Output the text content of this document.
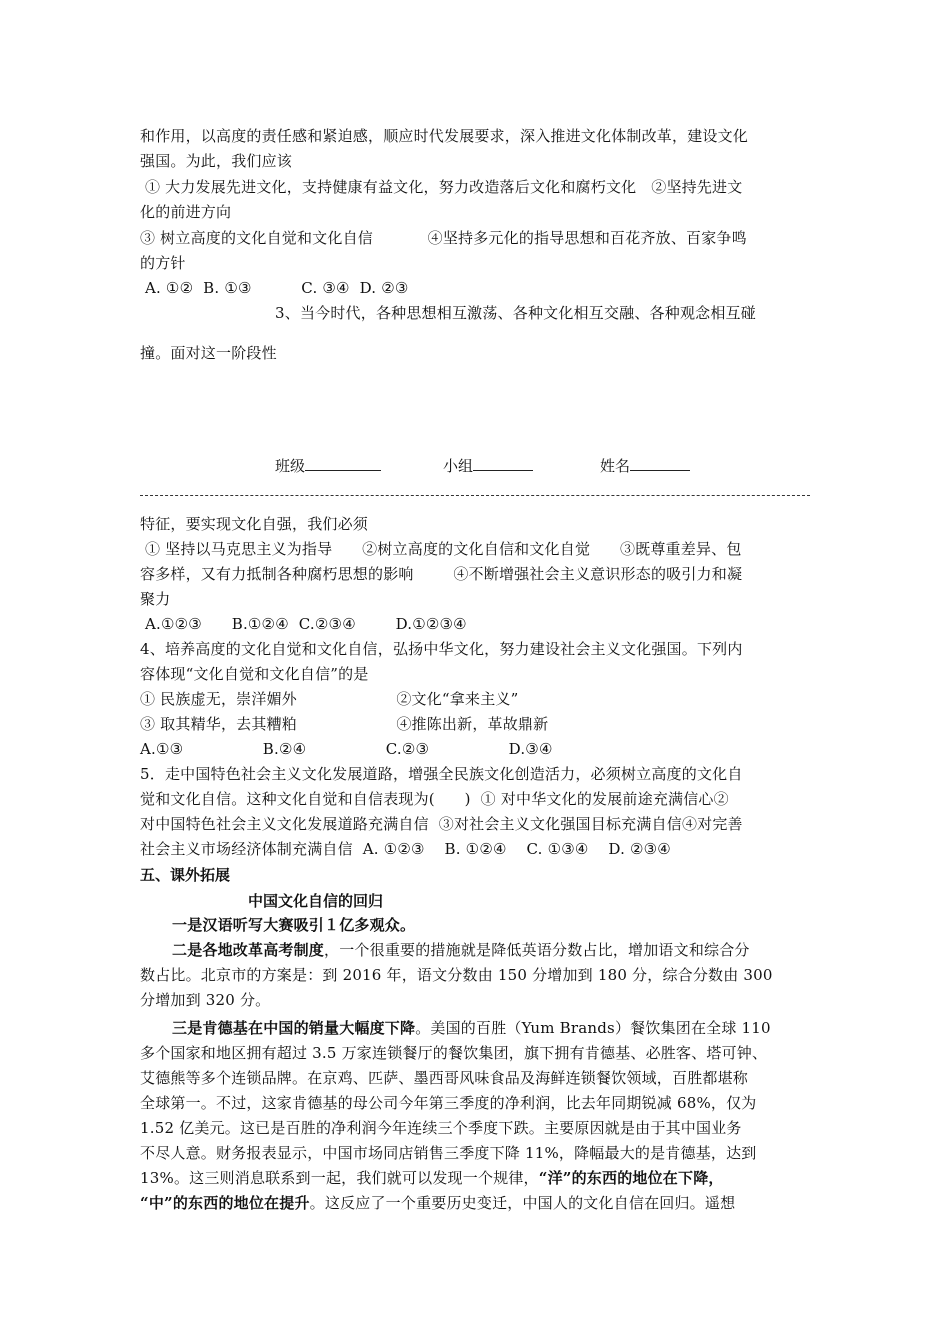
和作用，以高度的责任感和紧迫感，顺应时代发展要求，深入推进文化体制改革，建设文化
强国。为此，我们应该
① 大力发展先进文化，支持健康有益文化，努力改造落后文化和腐朽文化   ②坚持先进文
化的前进方向
③ 树立高度的文化自觉和文化自信           ④坚持多元化的指导思想和百花齐放、百家争鸣
的方针
A. ①②  B. ①③          C. ③④  D. ②③
3、当今时代，各种思想相互激荡、各种文化相互交融、各种观念相互碰
撞。面对这一阶段性
班级	小组	姓名
特征，要实现文化自强，我们必须
① 坚持以马克思主义为指导      ②树立高度的文化自信和文化自觉      ③既尊重差异、包
容多样，又有力抵制各种腐朽思想的影响        ④不断增强社会主义意识形态的吸引力和凝
聚力
A.①②③      B.①②④  C.②③④        D.①②③④
4、培养高度的文化自觉和文化自信，弘扬中华文化，努力建设社会主义文化强国。下列内
容体现“文化自觉和文化自信”的是
① 民族虚无，崇洋媚外                    ②文化“拿来主义”
③ 取其精华，去其糟粕                    ④推陈出新，革故鼎新
A.①③                B.②④                C.②③                D.③④
5．走中国特色社会主义文化发展道路，增强全民族文化创造活力，必须树立高度的文化自
觉和文化自信。这种文化自觉和自信表现为(      )  ① 对中华文化的发展前途充满信心②
对中国特色社会主义文化发展道路充满自信  ③对社会主义文化强国目标充满自信④对完善
社会主义市场经济体制充满自信  A. ①②③    B. ①②④    C. ①③④    D. ②③④
五、课外拓展
中国文化自信的回归
一是汉语听写大赛吸引１亿多观众。
二是各地改革高考制度，一个很重要的措施就是降低英语分数占比，增加语文和综合分
数占比。北京市的方案是：到 2016 年，语文分数由 150 分增加到 180 分，综合分数由 300
分增加到 320 分。
三是肯德基在中国的销量大幅度下降。美国的百胜（Yum Brands）餐饮集团在全球 110
多个国家和地区拥有超过 3.5 万家连锁餐厅的餐饮集团，旗下拥有肯德基、必胜客、塔可钟、
艾德熊等多个连锁品牌。在京鸡、匹萨、墨西哥风味食品及海鲜连锁餐饮领域，百胜都堪称
全球第一。不过，这家肯德基的母公司今年第三季度的净利润，比去年同期锐减 68%，仅为
1.52 亿美元。这已是百胜的净利润今年连续三个季度下跌。主要原因就是由于其中国业务
不尽人意。财务报表显示，中国市场同店销售三季度下降 11%，降幅最大的是肯德基，达到
13%。这三则消息联系到一起，我们就可以发现一个规律，“洋”的东西的地位在下降，
“中”的东西的地位在提升。这反应了一个重要历史变迁，中国人的文化自信在回归。遥想
